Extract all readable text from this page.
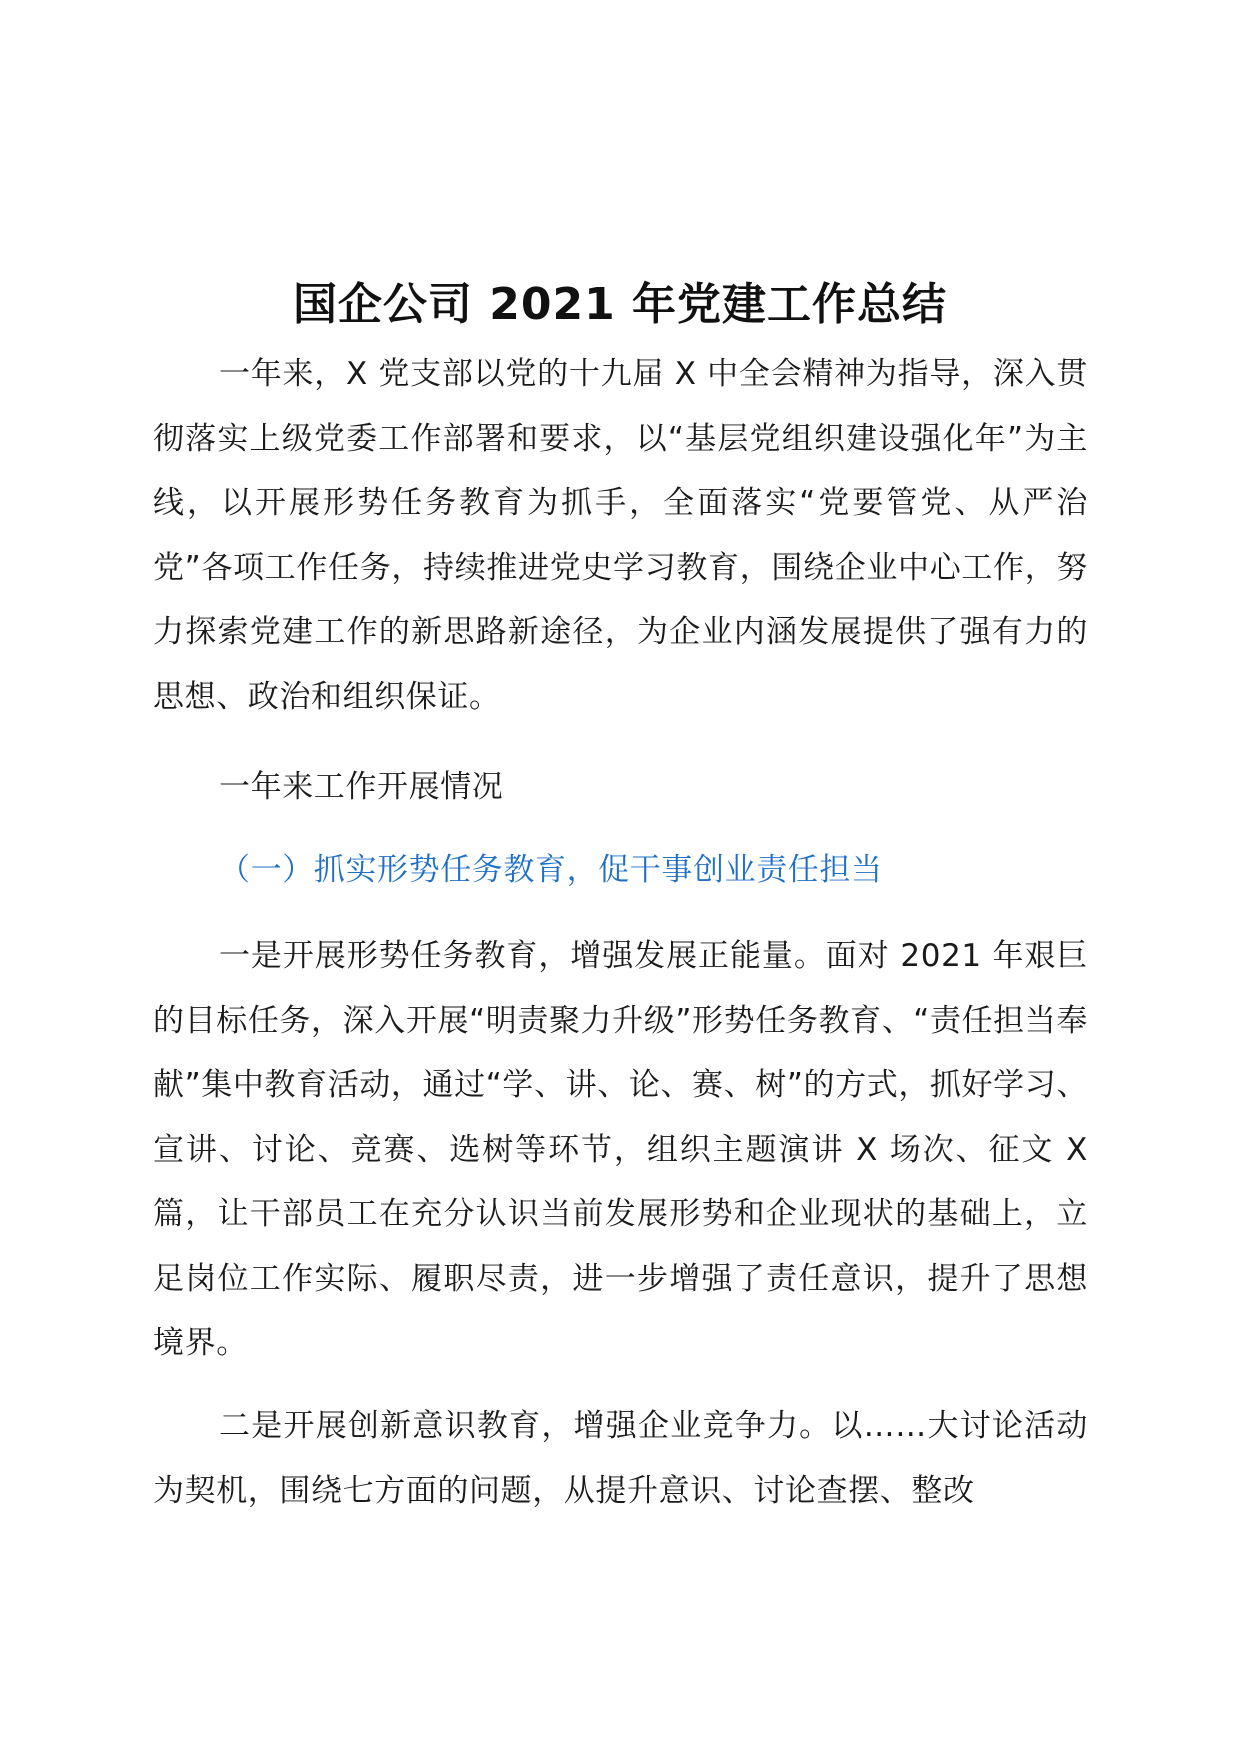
国企公司 2021 年党建工作总结

一年来，X 党支部以党的十九届 X 中全会精神为指导，深入贯彻落实上级党委工作部署和要求，以“基层党组织建设强化年”为主线，以开展形势任务教育为抓手，全面落实“党要管党、从严治党”各项工作任务，持续推进党史学习教育，围绕企业中心工作，努力探索党建工作的新思路新途径，为企业内涵发展提供了强有力的思想、政治和组织保证。

一年来工作开展情况

（一）抓实形势任务教育，促干事创业责任担当

一是开展形势任务教育，增强发展正能量。面对 2021 年艰巨的目标任务，深入开展“明责聚力升级”形势任务教育、“责任担当奉献”集中教育活动，通过“学、讲、论、赛、树”的方式，抓好学习、宣讲、讨论、竞赛、选树等环节，组织主题演讲 X 场次、征文 X 篇，让干部员工在充分认识当前发展形势和企业现状的基础上，立足岗位工作实际、履职尽责，进一步增强了责任意识，提升了思想境界。

二是开展创新意识教育，增强企业竞争力。以……大讨论活动为契机，围绕七方面的问题，从提升意识、讨论查摆、整改
